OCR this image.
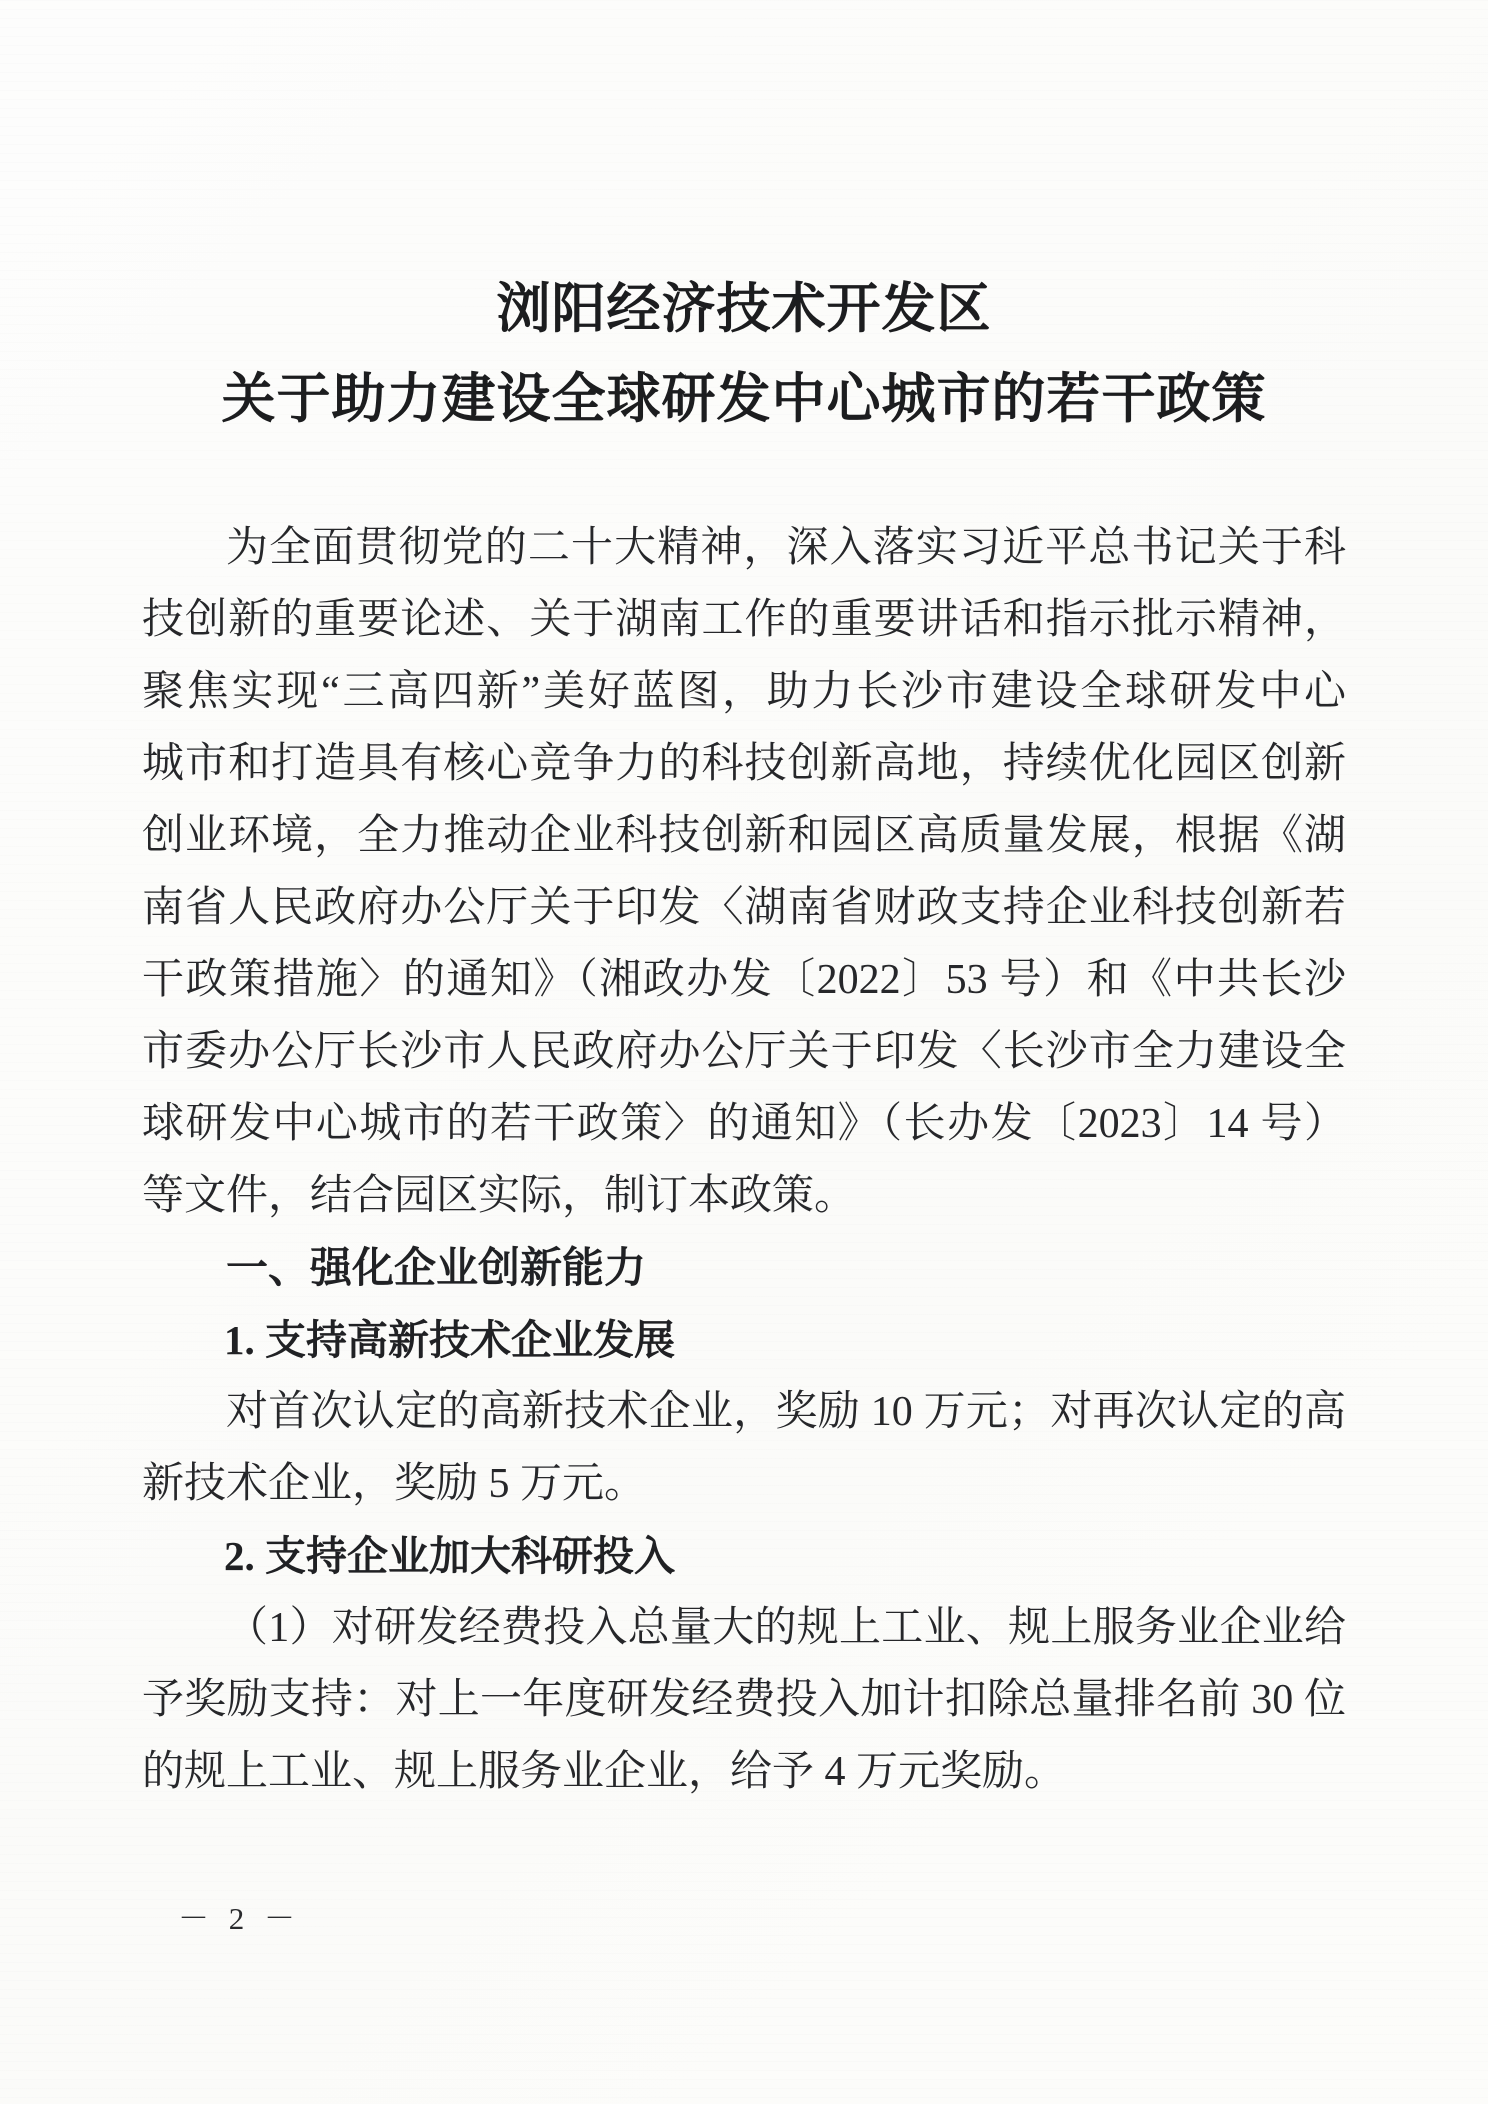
浏阳经济技术开发区
关于助力建设全球研发中心城市的若干政策
为全面贯彻党的二十大精神，深入落实习近平总书记关于科
技创新的重要论述、关于湖南工作的重要讲话和指示批示精神，
聚焦实现“三高四新”美好蓝图，助力长沙市建设全球研发中心
城市和打造具有核心竞争力的科技创新高地，持续优化园区创新
创业环境，全力推动企业科技创新和园区高质量发展，根据《湖
南省人民政府办公厅关于印发〈湖南省财政支持企业科技创新若
干政策措施〉的通知》（湘政办发〔2022〕53 号）和《中共长沙
市委办公厅长沙市人民政府办公厅关于印发〈长沙市全力建设全
球研发中心城市的若干政策〉的通知》（长办发〔2023〕14 号）
等文件，结合园区实际，制订本政策。
一、强化企业创新能力
1. 支持高新技术企业发展
对首次认定的高新技术企业，奖励 10 万元；对再次认定的高
新技术企业，奖励 5 万元。
2. 支持企业加大科研投入
（1）对研发经费投入总量大的规上工业、规上服务业企业给
予奖励支持：对上一年度研发经费投入加计扣除总量排名前 30 位
的规上工业、规上服务业企业，给予 4 万元奖励。
－ 2 －
